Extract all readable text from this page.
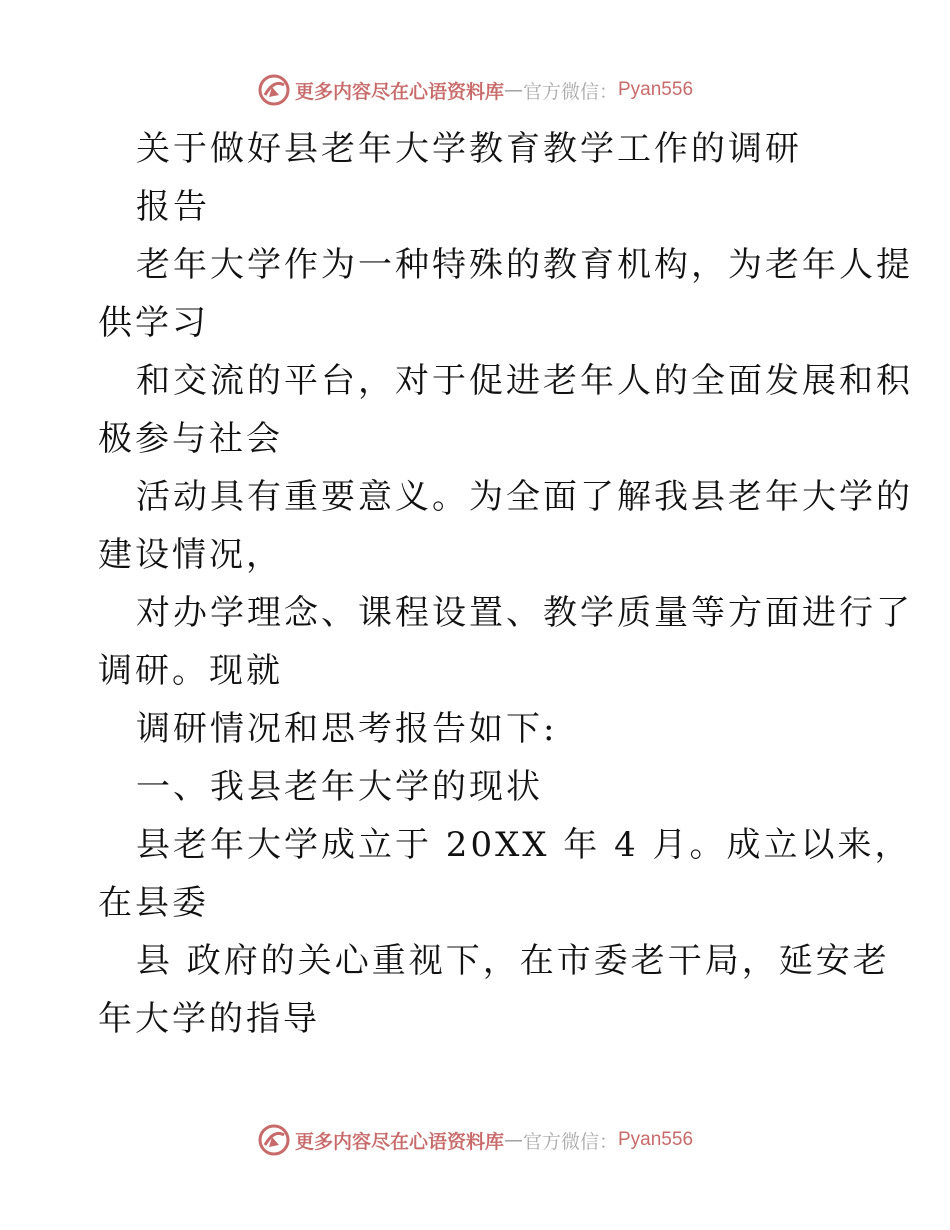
更多内容尽在心语资料库 — 官方微信： Pyan556
关于做好县老年大学教育教学工作的调研
报告
老年大学作为一种特殊的教育机构，为老年人提
供学习
和交流的平台，对于促进老年人的全面发展和积
极参与社会
活动具有重要意义。为全面了解我县老年大学的
建设情况，
对办学理念、课程设置、教学质量等方面进行了
调研。现就
调研情况和思考报告如下:
一、我县老年大学的现状
县老年大学成立于 20XX 年 4 月。成立以来，
在县委
县 政府的关心重视下，在市委老干局，延安老
年大学的指导
更多内容尽在心语资料库 — 官方微信： Pyan556
